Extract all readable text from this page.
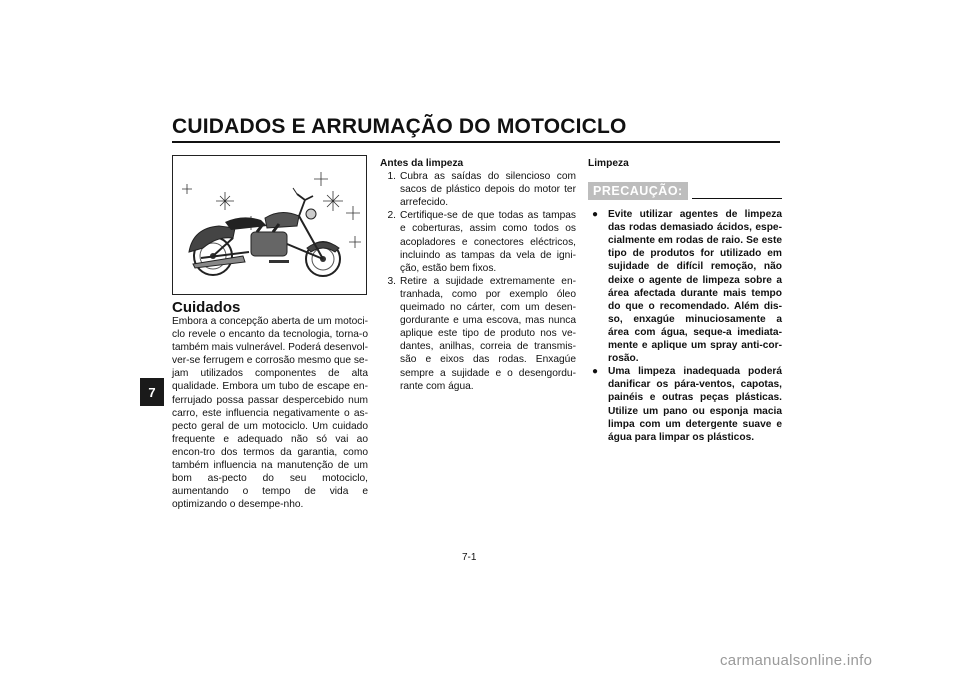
CUIDADOS E ARRUMAÇÃO DO MOTOCICLO
7
Cuidados
Embora a concepção aberta de um motoci-clo revele o encanto da tecnologia, torna-o também mais vulnerável. Poderá desenvol-ver-se ferrugem e corrosão mesmo que se-jam utilizados componentes de alta qualidade. Embora um tubo de escape en-ferrujado possa passar despercebido num carro, este influencia negativamente o as-pecto geral de um motociclo. Um cuidado frequente e adequado não só vai ao encon-tro dos termos da garantia, como também influencia na manutenção de um bom as-pecto do seu motociclo, aumentando o tempo de vida e optimizando o desempe-nho.
Antes da limpeza
1. Cubra as saídas do silencioso com sacos de plástico depois do motor ter arrefecido.
2. Certifique-se de que todas as tampas e coberturas, assim como todos os acopladores e conectores eléctricos, incluindo as tampas da vela de igni-ção, estão bem fixos.
3. Retire a sujidade extremamente en-tranhada, como por exemplo óleo queimado no cárter, com um desen-gordurante e uma escova, mas nunca aplique este tipo de produto nos ve-dantes, anilhas, correia de transmis-são e eixos das rodas. Enxagúe sempre a sujidade e o desengordu-rante com água.
Limpeza
PRECAUÇÃO:
● Evite utilizar agentes de limpeza das rodas demasiado ácidos, espe-cialmente em rodas de raio. Se este tipo de produtos for utilizado em sujidade de difícil remoção, não deixe o agente de limpeza sobre a área afectada durante mais tempo do que o recomendado. Além dis-so, enxagúe minuciosamente a área com água, seque-a imediata-mente e aplique um spray anti-cor-rosão.
● Uma limpeza inadequada poderá danificar os pára-ventos, capotas, painéis e outras peças plásticas. Utilize um pano ou esponja macia limpa com um detergente suave e água para limpar os plásticos.
7-1
carmanualsonline.info
